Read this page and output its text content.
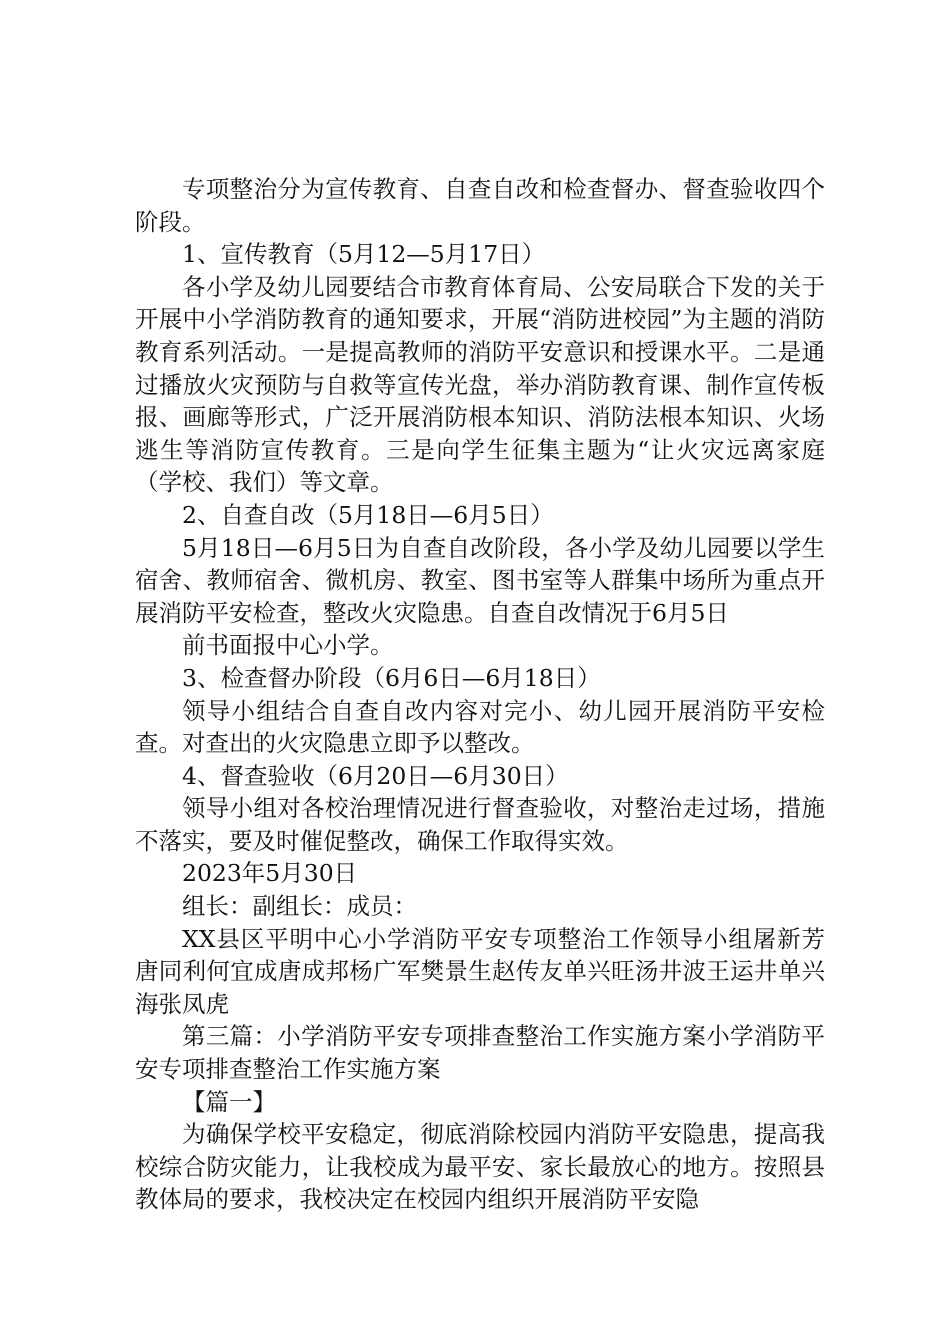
专项整治分为宣传教育、自查自改和检查督办、督查验收四个阶段。

1、宣传教育（5月12—5月17日）

各小学及幼儿园要结合市教育体育局、公安局联合下发的关于开展中小学消防教育的通知要求，开展“消防进校园”为主题的消防教育系列活动。一是提高教师的消防平安意识和授课水平。二是通过播放火灾预防与自救等宣传光盘，举办消防教育课、制作宣传板报、画廊等形式，广泛开展消防根本知识、消防法根本知识、火场逃生等消防宣传教育。三是向学生征集主题为“让火灾远离家庭（学校、我们）等文章。

2、自查自改（5月18日—6月5日）

5月18日—6月5日为自查自改阶段，各小学及幼儿园要以学生宿舍、教师宿舍、微机房、教室、图书室等人群集中场所为重点开展消防平安检查，整改火灾隐患。自查自改情况于6月5日

前书面报中心小学。

3、检查督办阶段（6月6日—6月18日）

领导小组结合自查自改内容对完小、幼儿园开展消防平安检查。对查出的火灾隐患立即予以整改。

4、督查验收（6月20日—6月30日）

领导小组对各校治理情况进行督查验收，对整治走过场，措施不落实，要及时催促整改，确保工作取得实效。

2023年5月30日

组长：副组长：成员：

XX县区平明中心小学消防平安专项整治工作领导小组屠新芳唐同利何宜成唐成邦杨广军樊景生赵传友单兴旺汤井波王运井单兴海张凤虎

第三篇：小学消防平安专项排查整治工作实施方案小学消防平安专项排查整治工作实施方案

【篇一】

为确保学校平安稳定，彻底消除校园内消防平安隐患，提高我校综合防灾能力，让我校成为最平安、家长最放心的地方。按照县教体局的要求，我校决定在校园内组织开展消防平安隐
